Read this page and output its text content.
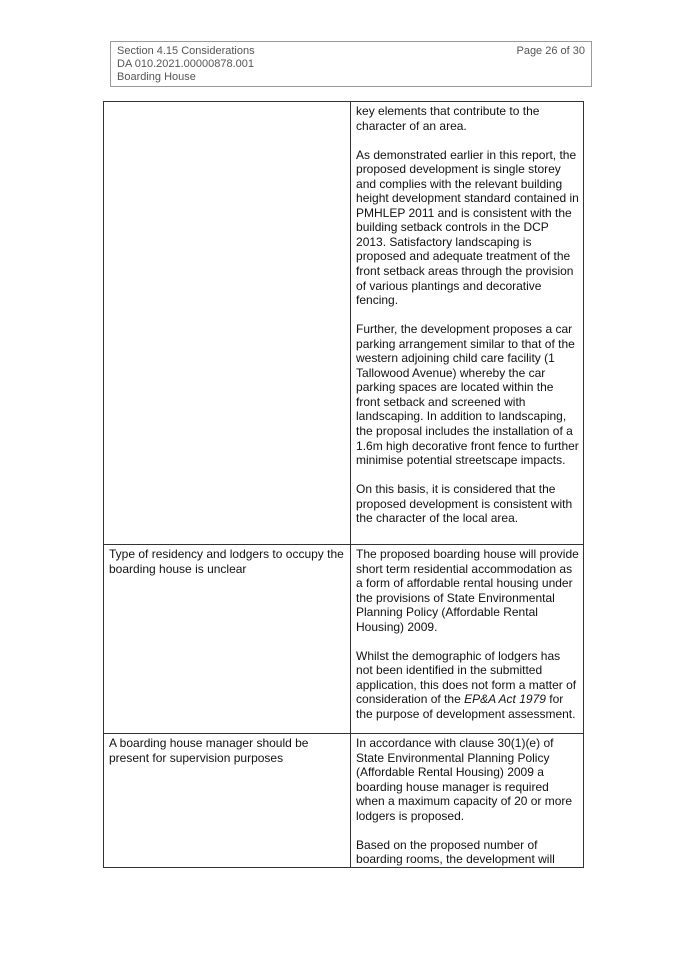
Section 4.15 Considerations
DA 010.2021.00000878.001
Boarding House
Page 26 of 30

	key elements that contribute to the character of an area.

As demonstrated earlier in this report, the proposed development is single storey and complies with the relevant building height development standard contained in PMHLEP 2011 and is consistent with the building setback controls in the DCP 2013. Satisfactory landscaping is proposed and adequate treatment of the front setback areas through the provision of various plantings and decorative fencing.

Further, the development proposes a car parking arrangement similar to that of the western adjoining child care facility (1 Tallowood Avenue) whereby the car parking spaces are located within the front setback and screened with landscaping. In addition to landscaping, the proposal includes the installation of a 1.6m high decorative front fence to further minimise potential streetscape impacts.

On this basis, it is considered that the proposed development is consistent with the character of the local area.

Type of residency and lodgers to occupy the boarding house is unclear	The proposed boarding house will provide short term residential accommodation as a form of affordable rental housing under the provisions of State Environmental Planning Policy (Affordable Rental Housing) 2009.

Whilst the demographic of lodgers has not been identified in the submitted application, this does not form a matter of consideration of the EP&A Act 1979 for the purpose of development assessment.

A boarding house manager should be present for supervision purposes	In accordance with clause 30(1)(e) of State Environmental Planning Policy (Affordable Rental Housing) 2009 a boarding house manager is required when a maximum capacity of 20 or more lodgers is proposed.

Based on the proposed number of boarding rooms, the development will
